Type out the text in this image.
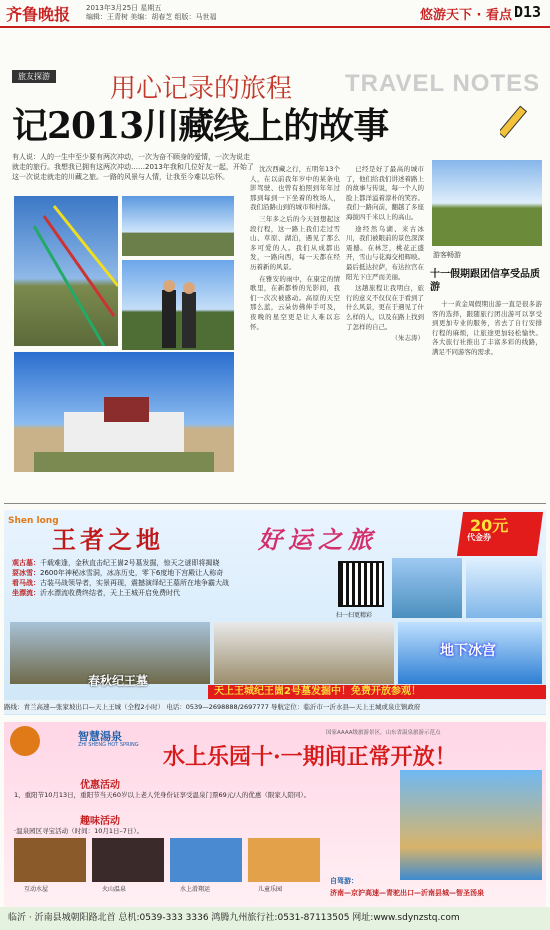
齐鲁晚报 2013年3月25日 星期五
编辑：王青树 美编：胡春芝 组版：马世福	悠游天下 · 看点 D13
旅友探游 用心记录的旅程 TRAVEL NOTES
记2013川藏线上的故事
有人说：人的一生中至少要有两次冲动，一次为奋不顾身的爱情，一次为说走就走的旅行。我想我已拥有这两次冲动……2013年我和几位好友一起，开始了这一次说走就走的川藏之旅。一路的风景与人情，让我至今难以忘怀。

沈次西藏之行，五明年13个人，在以前我年岁中的某条电影驾驶、也曾有拍照到年年过那到每到一下坐着的牧场人，我们沿路山到的城市和村落。

三年多之后的今天回想起这段行程，这一路上我们走过雪山、草原、湖泊，遇见了那么多可爱的人。我们从成都出发，一路向西，每一天都在经历着新的风景。

在雅安的雨中，在康定的情歌里，在新都桥的光影间，我们一次次被感动。高原的天空那么蓝，云朵仿佛伸手可及，夜晚的星空更是让人难以忘怀。

已经是好了最高的城市了，他们给我们讲述着路上的故事与传说，每一个人的脸上都洋溢着淳朴的笑容。我们一路向前，翻越了多座海拔四千米以上的高山。

途经然乌湖、来古冰川，我们被眼前的景色深深震撼。在林芝，桃花正盛开，雪山与花海交相辉映。最后抵达拉萨，布达拉宫在阳光下庄严而美丽。

这趟旅程让我明白，旅行的意义不仅仅在于看到了什么风景，更在于遇见了什么样的人，以及在路上找到了怎样的自己。

（朱志涛）

游客畅游
十一假期跟团信享受品质游

十一黄金周假期出游一直是很多游客的选择，跟随旅行团出游可以享受到更加专业的服务，省去了自行安排行程的麻烦，让旅途更加轻松愉快。各大旅行社推出了丰富多彩的线路，满足不同游客的需求。

Shen long
王者之地	好运之旅	20元
代金券
观古墓：千载难逢，金秋直击纪王崮2号墓发掘，惊天之谜即将揭晓
耍冰雪：2600年神秘冰雪洞，冰冻历史，零下6度地下宫殿让人称奇
看马战：古装马战领导者，实景再现，震撼演绎纪王墓所在地争霸大战
坐漂流：沂水漂流收费终结者，天上王城开启免费时代
扫一扫更精彩
春秋纪王墓
地下冰宫
天上王城纪王崮2号墓发掘中！免费开放参观！
路线：青兰高速—张家坡出口—天上王城（全程2小时） 电话：0539—2698888/2697777 导航定位：临沂市一沂水县—天上王城或泉庄镇政府
智慧湯泉
ZHI SHENG HOT SPRING
国家AAAA级旅游景区，山东省温泉旅游示范点
水上乐园十·一期间正常开放！
优惠活动
1、重阳节10月13日，重阳节当天60岁以上老人凭身份证享受温泉门票69元/人的优惠（限家人陪同）。
趣味活动
·温泉园区寻宝活动（时间：10月1日–7日）。
互动水屋	火山温泉	水上滑翔运	儿童乐园
自驾游：
济南—京沪高速—青驼出口—沂南县城—智圣汤泉
临沂 · 沂南县城朝阳路北首 总机:0539-333 3336 鸿腾九州旅行社:0531-87113505 网址:www.sdynzstq.com
